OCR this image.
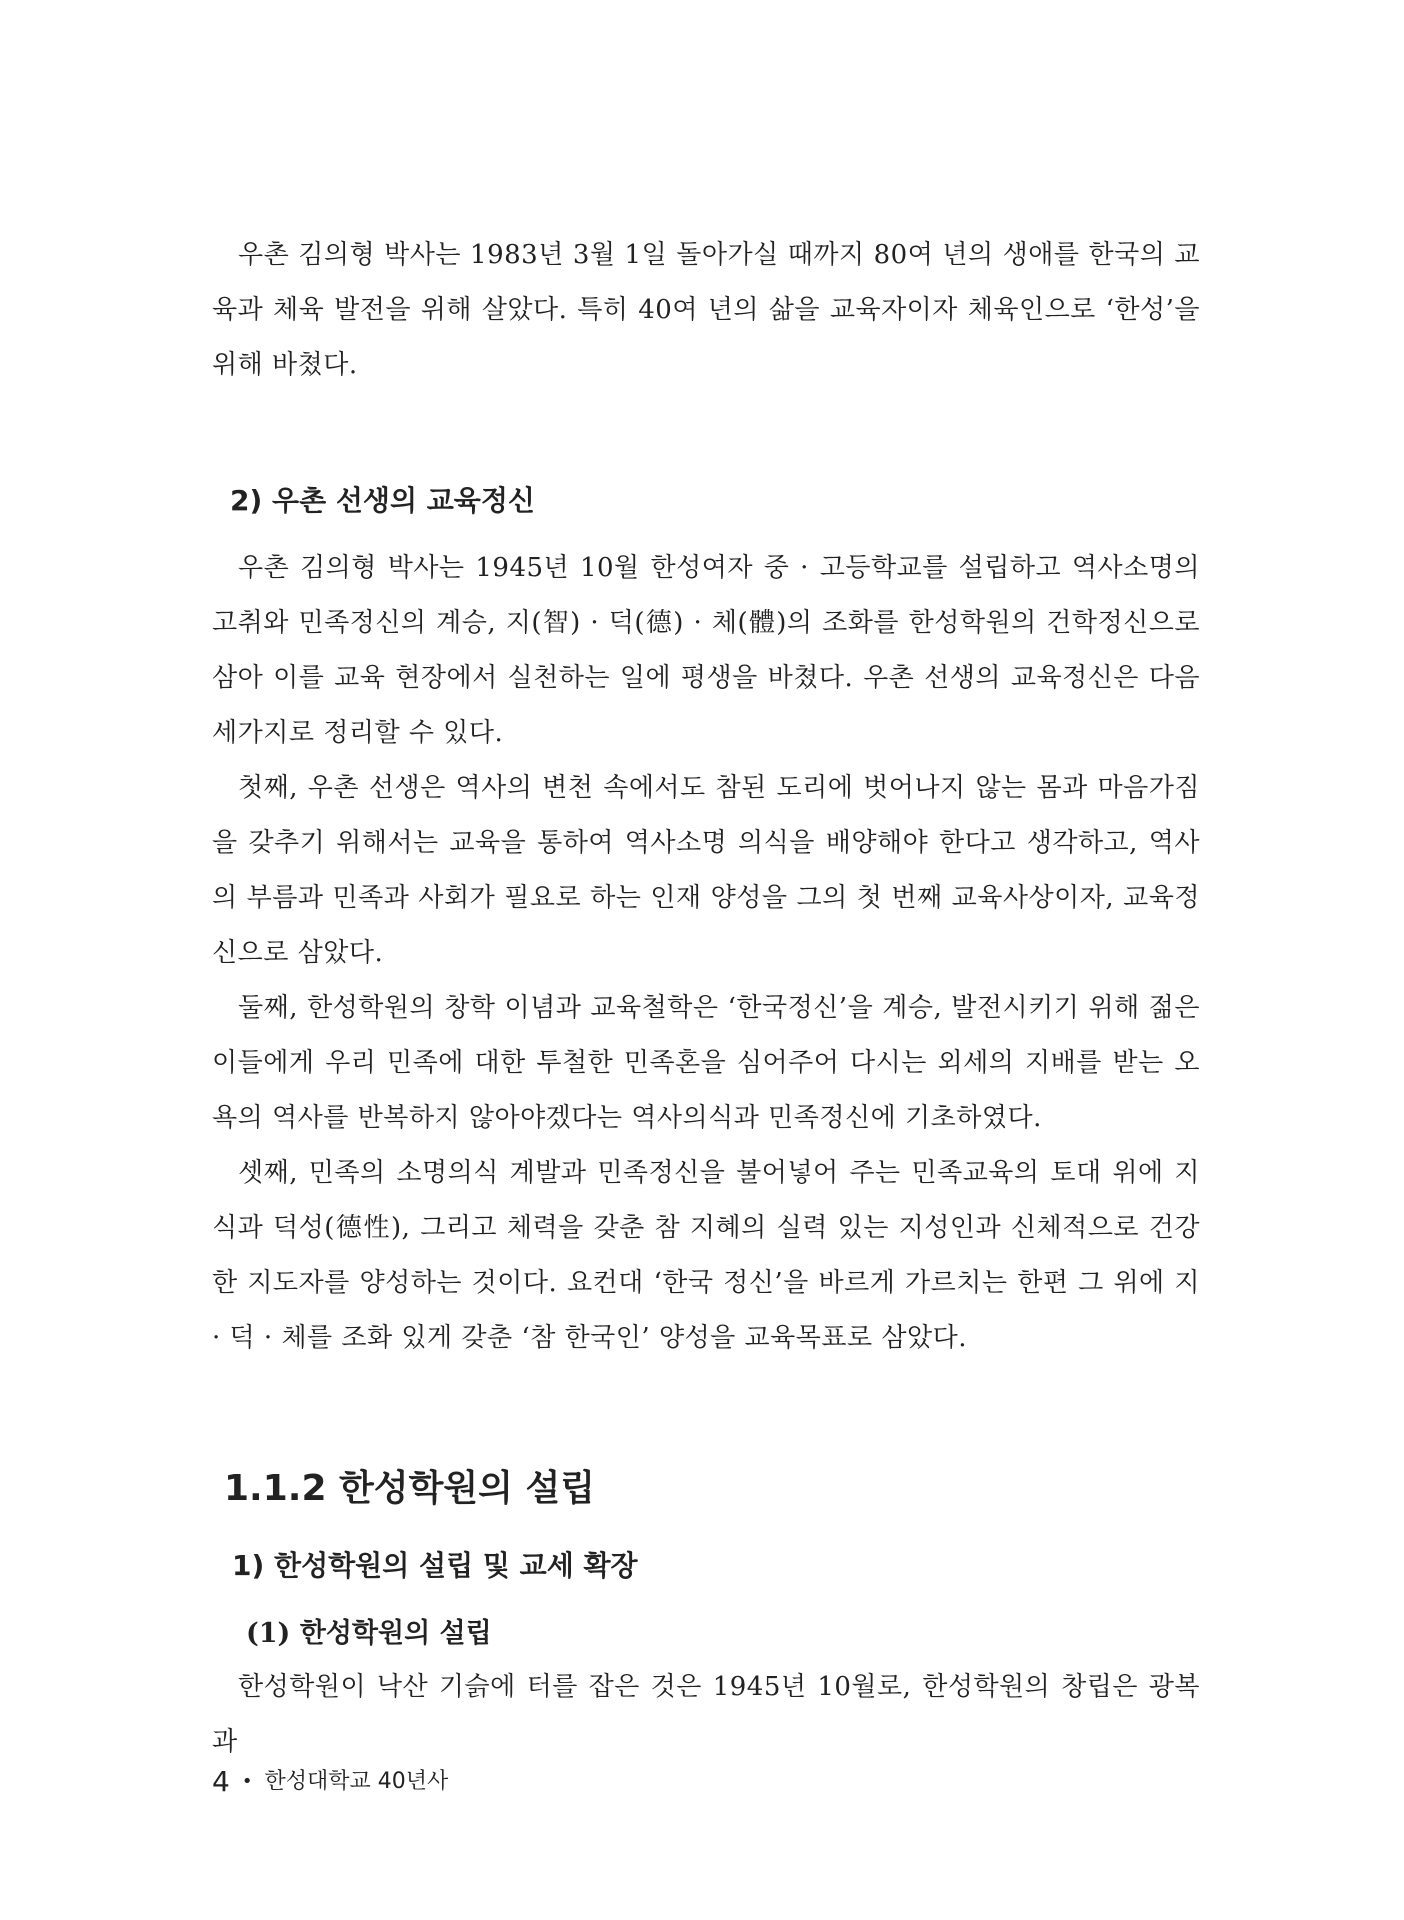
우촌 김의형 박사는 1983년 3월 1일 돌아가실 때까지 80여 년의 생애를 한국의 교육과 체육 발전을 위해 살았다. 특히 40여 년의 삶을 교육자이자 체육인으로 ‘한성’을 위해 바쳤다.

2) 우촌 선생의 교육정신

우촌 김의형 박사는 1945년 10월 한성여자 중 · 고등학교를 설립하고 역사소명의 고취와 민족정신의 계승, 지(智) · 덕(德) · 체(體)의 조화를 한성학원의 건학정신으로 삼아 이를 교육 현장에서 실천하는 일에 평생을 바쳤다. 우촌 선생의 교육정신은 다음 세가지로 정리할 수 있다.

첫째, 우촌 선생은 역사의 변천 속에서도 참된 도리에 벗어나지 않는 몸과 마음가짐을 갖추기 위해서는 교육을 통하여 역사소명 의식을 배양해야 한다고 생각하고, 역사의 부름과 민족과 사회가 필요로 하는 인재 양성을 그의 첫 번째 교육사상이자, 교육정신으로 삼았다.

둘째, 한성학원의 창학 이념과 교육철학은 ‘한국정신’을 계승, 발전시키기 위해 젊은 이들에게 우리 민족에 대한 투철한 민족혼을 심어주어 다시는 외세의 지배를 받는 오욕의 역사를 반복하지 않아야겠다는 역사의식과 민족정신에 기초하였다.

셋째, 민족의 소명의식 계발과 민족정신을 불어넣어 주는 민족교육의 토대 위에 지식과 덕성(德性), 그리고 체력을 갖춘 참 지혜의 실력 있는 지성인과 신체적으로 건강한 지도자를 양성하는 것이다. 요컨대 ‘한국 정신’을 바르게 가르치는 한편 그 위에 지 · 덕 · 체를 조화 있게 갖춘 ‘참 한국인’ 양성을 교육목표로 삼았다.

1.1.2 한성학원의 설립
1) 한성학원의 설립 및 교세 확장
(1) 한성학원의 설립

한성학원이 낙산 기슭에 터를 잡은 것은 1945년 10월로, 한성학원의 창립은 광복과

4 • 한성대학교 40년사
